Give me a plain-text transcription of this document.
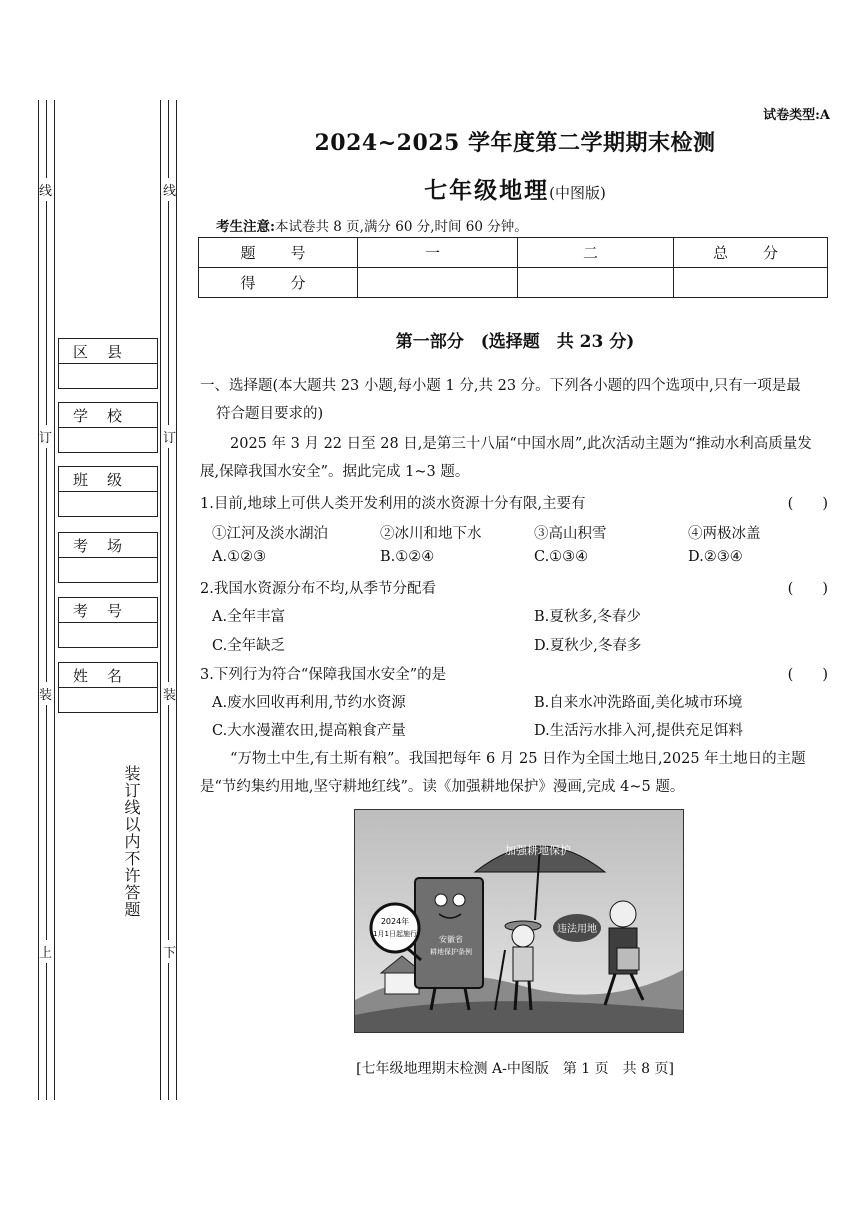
线	线
订	订
装	装
上	下
区　县
学　校
班　级
考　场
考　号
姓　名
装订线以内不许答题
试卷类型:A
2024~2025 学年度第二学期期末检测
七年级地理(中图版)
考生注意:本试卷共 8 页,满分 60 分,时间 60 分钟。
题　号	一	二	总　分
得　分			
第一部分　(选择题　共 23 分)
一、选择题(本大题共 23 小题,每小题 1 分,共 23 分。下列各小题的四个选项中,只有一项是最
符合题目要求的)
2025 年 3 月 22 日至 28 日,是第三十八届“中国水周”,此次活动主题为“推动水利高质量发
展,保障我国水安全”。据此完成 1~3 题。
1.目前,地球上可供人类开发利用的淡水资源十分有限,主要有	(　　)
①江河及淡水湖泊	②冰川和地下水	③高山积雪	④两极冰盖
A.①②③	B.①②④	C.①③④	D.②③④
2.我国水资源分布不均,从季节分配看	(　　)
A.全年丰富	B.夏秋多,冬春少
C.全年缺乏	D.夏秋少,冬春多
3.下列行为符合“保障我国水安全”的是	(　　)
A.废水回收再利用,节约水资源	B.自来水冲洗路面,美化城市环境
C.大水漫灌农田,提高粮食产量	D.生活污水排入河,提供充足饵料
“万物土中生,有土斯有粮”。我国把每年 6 月 25 日作为全国土地日,2025 年土地日的主题
是“节约集约用地,坚守耕地红线”。读《加强耕地保护》漫画,完成 4~5 题。
加强耕地保护
安徽省
耕地保护条例
2024年
1月1日起施行	违法用地
[七年级地理期末检测 A-中图版　第 1 页　共 8 页]
